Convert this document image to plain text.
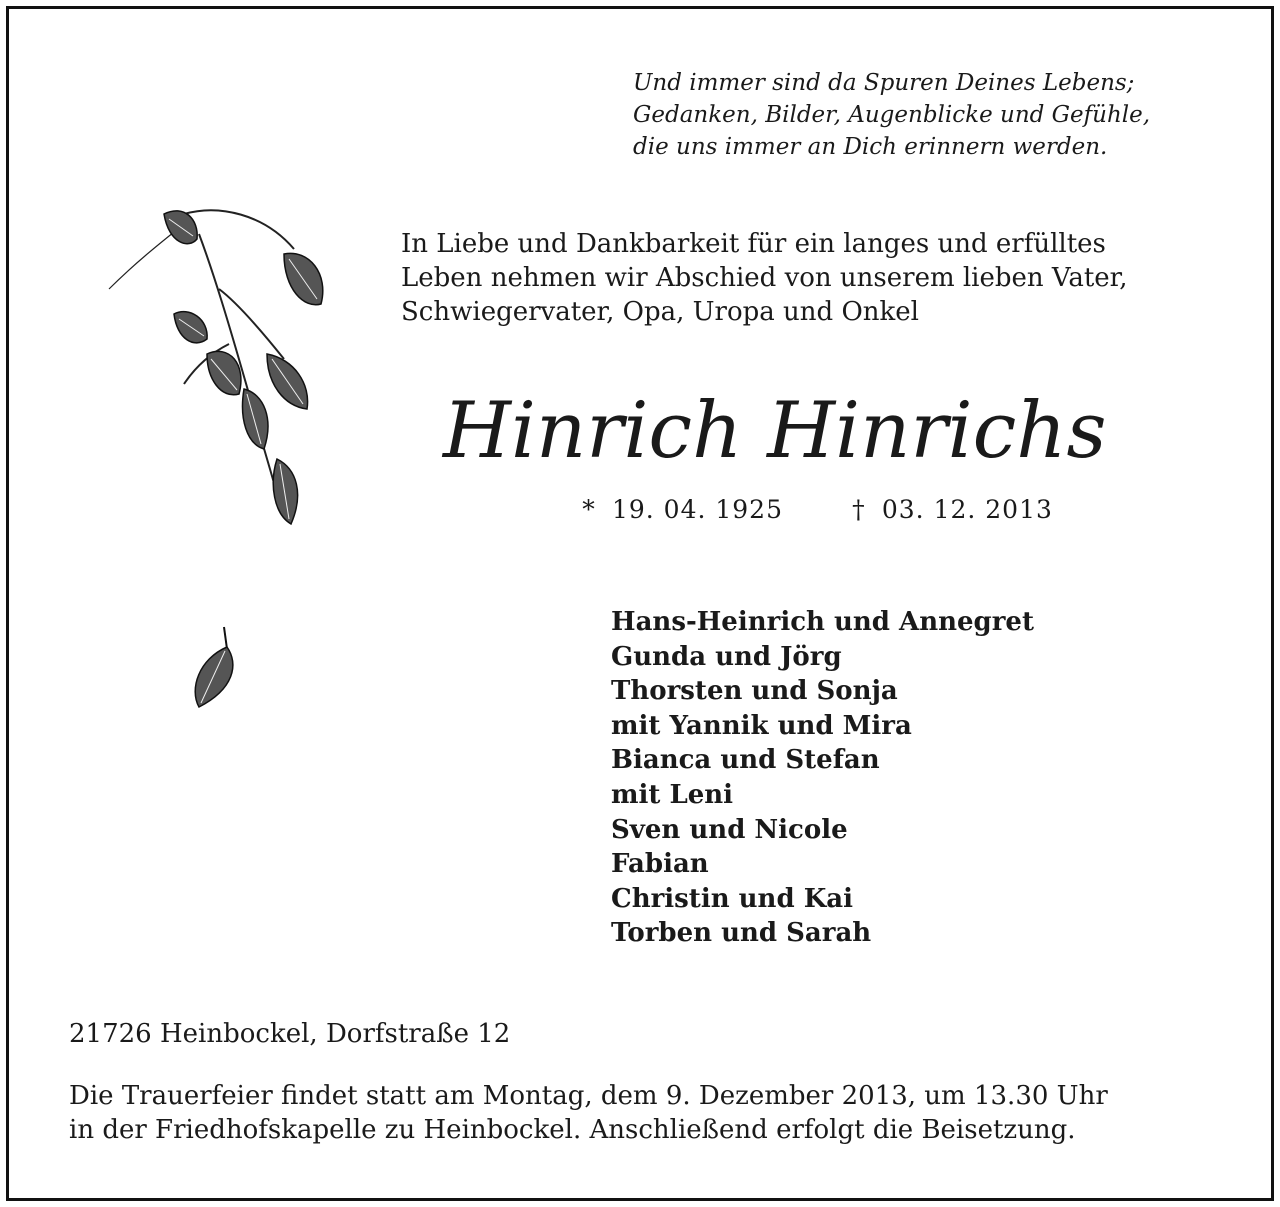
Und immer sind da Spuren Deines Lebens;
Gedanken, Bilder, Augenblicke und Gefühle,
die uns immer an Dich erinnern werden.
In Liebe und Dankbarkeit für ein langes und erfülltes
Leben nehmen wir Abschied von unserem lieben Vater,
Schwiegervater, Opa, Uropa und Onkel
Hinrich Hinrichs
* 19. 04. 1925	† 03. 12. 2013
Hans-Heinrich und Annegret
Gunda und Jörg
Thorsten und Sonja
mit Yannik und Mira
Bianca und Stefan
mit Leni
Sven und Nicole
Fabian
Christin und Kai
Torben und Sarah
21726 Heinbockel, Dorfstraße 12
Die Trauerfeier findet statt am Montag, dem 9. Dezember 2013, um 13.30 Uhr
in der Friedhofskapelle zu Heinbockel. Anschließend erfolgt die Beisetzung.
